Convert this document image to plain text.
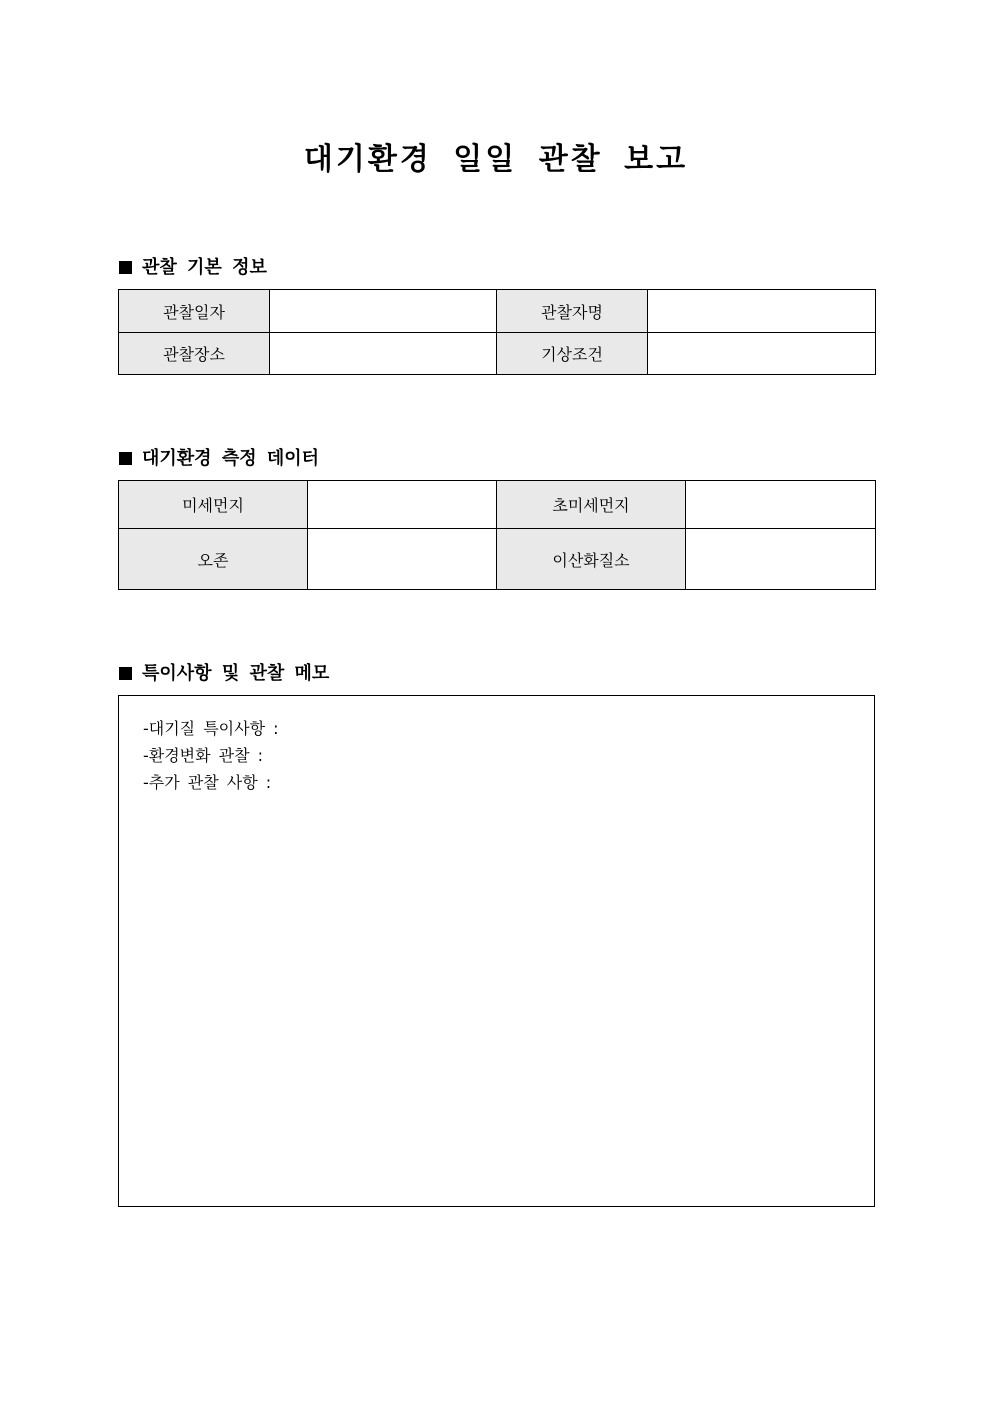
대기환경 일일 관찰 보고
관찰 기본 정보
관찰일자		관찰자명	
관찰장소		기상조건	
대기환경 측정 데이터
미세먼지		초미세먼지	
오존		이산화질소	
특이사항 및 관찰 메모
-대기질 특이사항 :
-환경변화 관찰 :
-추가 관찰 사항 :
